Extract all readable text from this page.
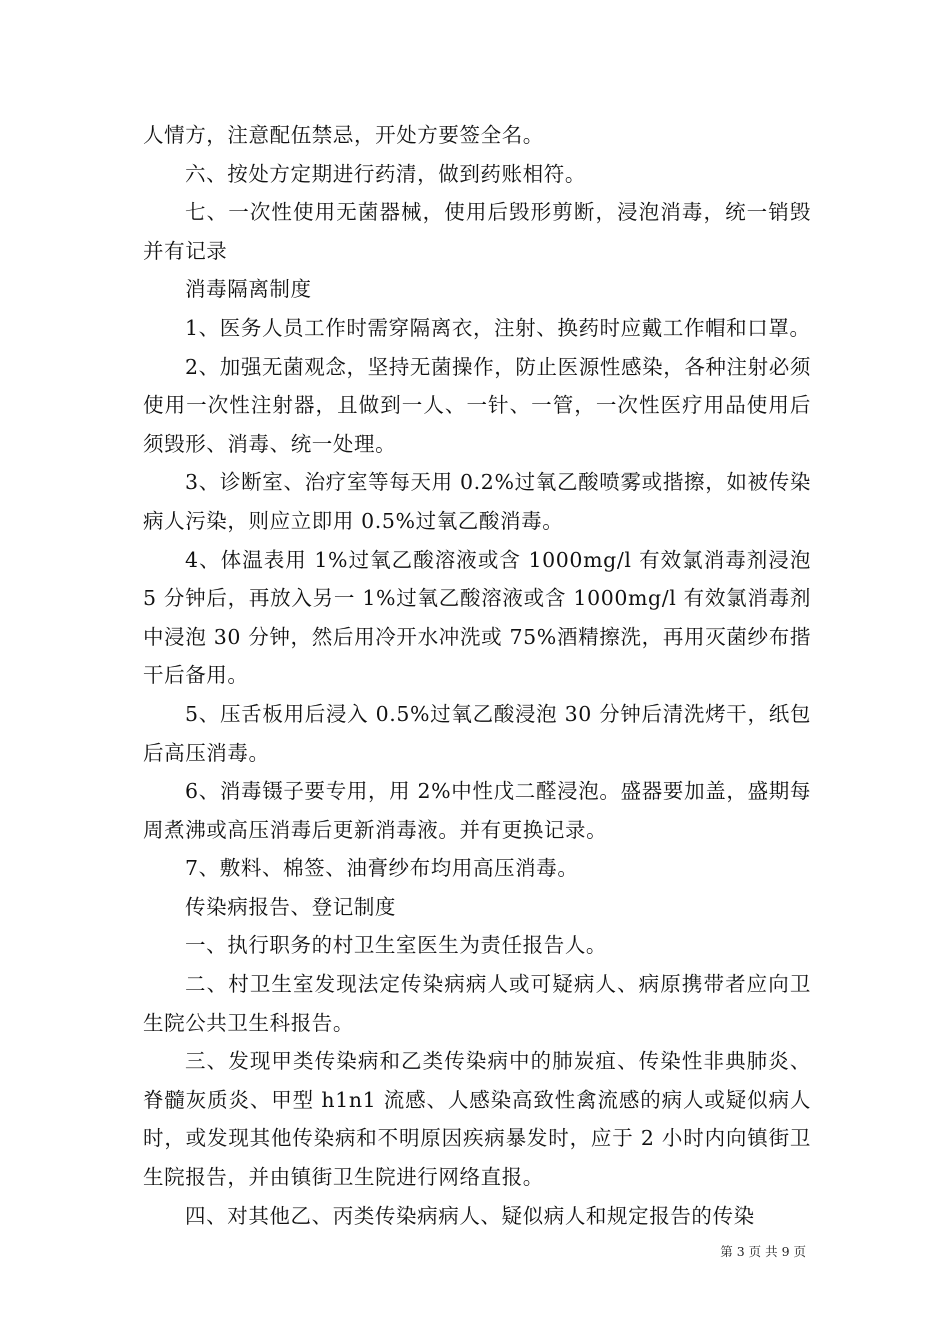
人情方，注意配伍禁忌，开处方要签全名。

六、按处方定期进行药清，做到药账相符。

七、一次性使用无菌器械，使用后毁形剪断，浸泡消毒，统一销毁并有记录

消毒隔离制度

1、医务人员工作时需穿隔离衣，注射、换药时应戴工作帽和口罩。

2、加强无菌观念，坚持无菌操作，防止医源性感染，各种注射必须使用一次性注射器，且做到一人、一针、一管，一次性医疗用品使用后须毁形、消毒、统一处理。

3、诊断室、治疗室等每天用 0.2%过氧乙酸喷雾或揩擦，如被传染病人污染，则应立即用 0.5%过氧乙酸消毒。

4、体温表用 1%过氧乙酸溶液或含 1000mg/l 有效氯消毒剂浸泡 5 分钟后，再放入另一 1%过氧乙酸溶液或含 1000mg/l 有效氯消毒剂中浸泡 30 分钟，然后用冷开水冲洗或 75%酒精擦洗，再用灭菌纱布揩干后备用。

5、压舌板用后浸入 0.5%过氧乙酸浸泡 30 分钟后清洗烤干，纸包后高压消毒。

6、消毒镊子要专用，用 2%中性戊二醛浸泡。盛器要加盖，盛期每周煮沸或高压消毒后更新消毒液。并有更换记录。

7、敷料、棉签、油膏纱布均用高压消毒。

传染病报告、登记制度

一、执行职务的村卫生室医生为责任报告人。

二、村卫生室发现法定传染病病人或可疑病人、病原携带者应向卫生院公共卫生科报告。

三、发现甲类传染病和乙类传染病中的肺炭疽、传染性非典肺炎、脊髓灰质炎、甲型 h1n1 流感、人感染高致性禽流感的病人或疑似病人时，或发现其他传染病和不明原因疾病暴发时，应于 2 小时内向镇街卫生院报告，并由镇街卫生院进行网络直报。

四、对其他乙、丙类传染病病人、疑似病人和规定报告的传染

第 3 页 共 9 页
